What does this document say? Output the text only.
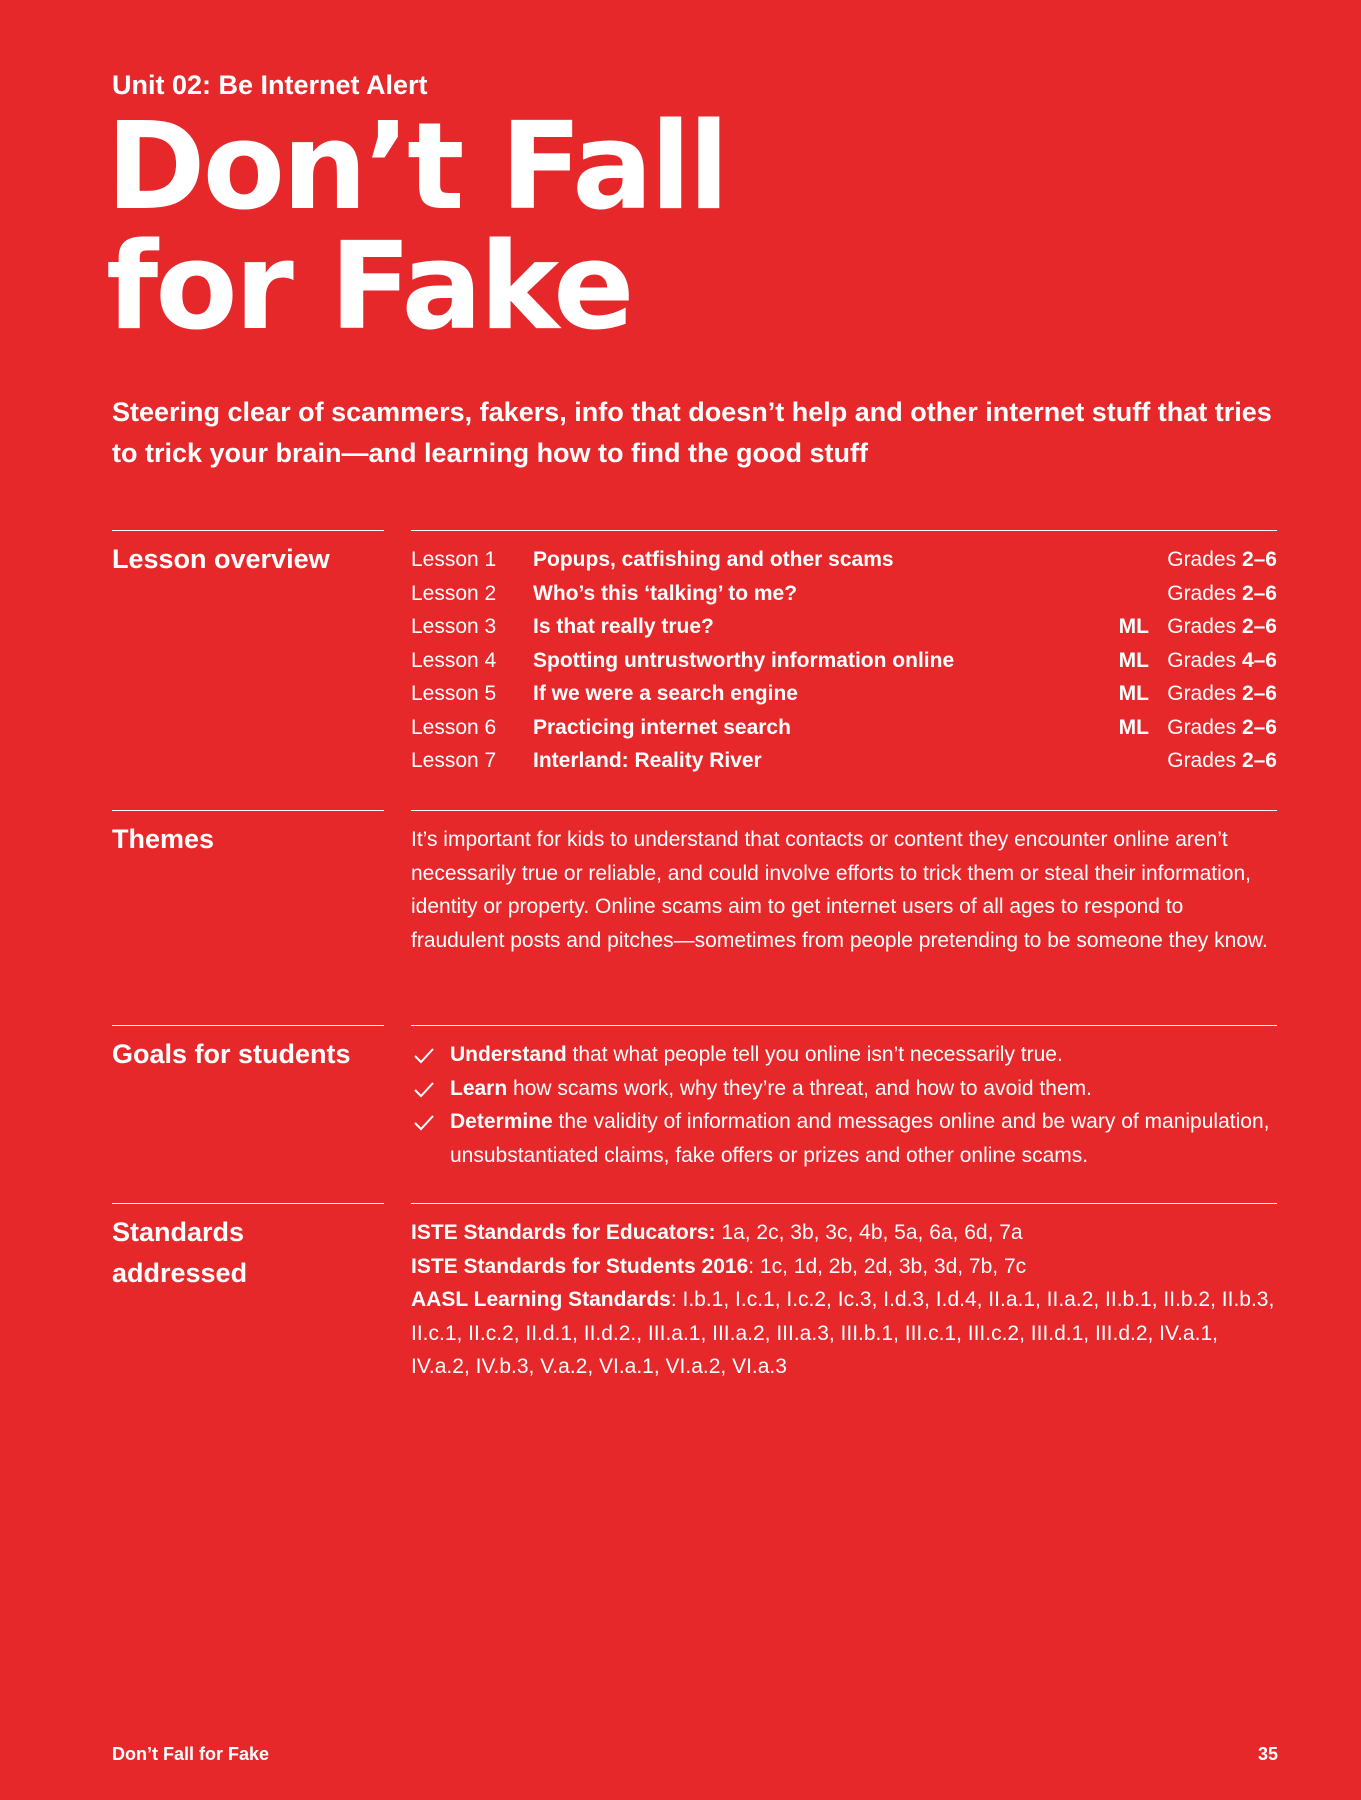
Unit 02: Be Internet Alert
Don’t Fall
for Fake
Steering clear of scammers, fakers, info that doesn’t help and other internet stuff that tries to trick your brain—and learning how to find the good stuff
Lesson overview	Lesson 1 Popups, catfishing and other scams	Grades 2–6
Lesson 2 Who’s this ‘talking’ to me?	Grades 2–6
Lesson 3 Is that really true?	ML Grades 2–6
Lesson 4 Spotting untrustworthy information online	ML Grades 4–6
Lesson 5 If we were a search engine	ML Grades 2–6
Lesson 6 Practicing internet search	ML Grades 2–6
Lesson 7 Interland: Reality River	Grades 2–6
Themes	It’s important for kids to understand that contacts or content they encounter online aren’t necessarily true or reliable, and could involve efforts to trick them or steal their information, identity or property. Online scams aim to get internet users of all ages to respond to fraudulent posts and pitches—sometimes from people pretending to be someone they know.
Goals for students	Understand that what people tell you online isn’t necessarily true.
Learn how scams work, why they’re a threat, and how to avoid them.
Determine the validity of information and messages online and be wary of manipulation, unsubstantiated claims, fake offers or prizes and other online scams.
Standards addressed
ISTE Standards for Educators: 1a, 2c, 3b, 3c, 4b, 5a, 6a, 6d, 7a
ISTE Standards for Students 2016: 1c, 1d, 2b, 2d, 3b, 3d, 7b, 7c
AASL Learning Standards: I.b.1, I.c.1, I.c.2, Ic.3, I.d.3, I.d.4, II.a.1, II.a.2, II.b.1, II.b.2, II.b.3, II.c.1, II.c.2, II.d.1, II.d.2., III.a.1, III.a.2, III.a.3, III.b.1, III.c.1, III.c.2, III.d.1, III.d.2, IV.a.1, IV.a.2, IV.b.3, V.a.2, VI.a.1, VI.a.2, VI.a.3
Don’t Fall for Fake	35
